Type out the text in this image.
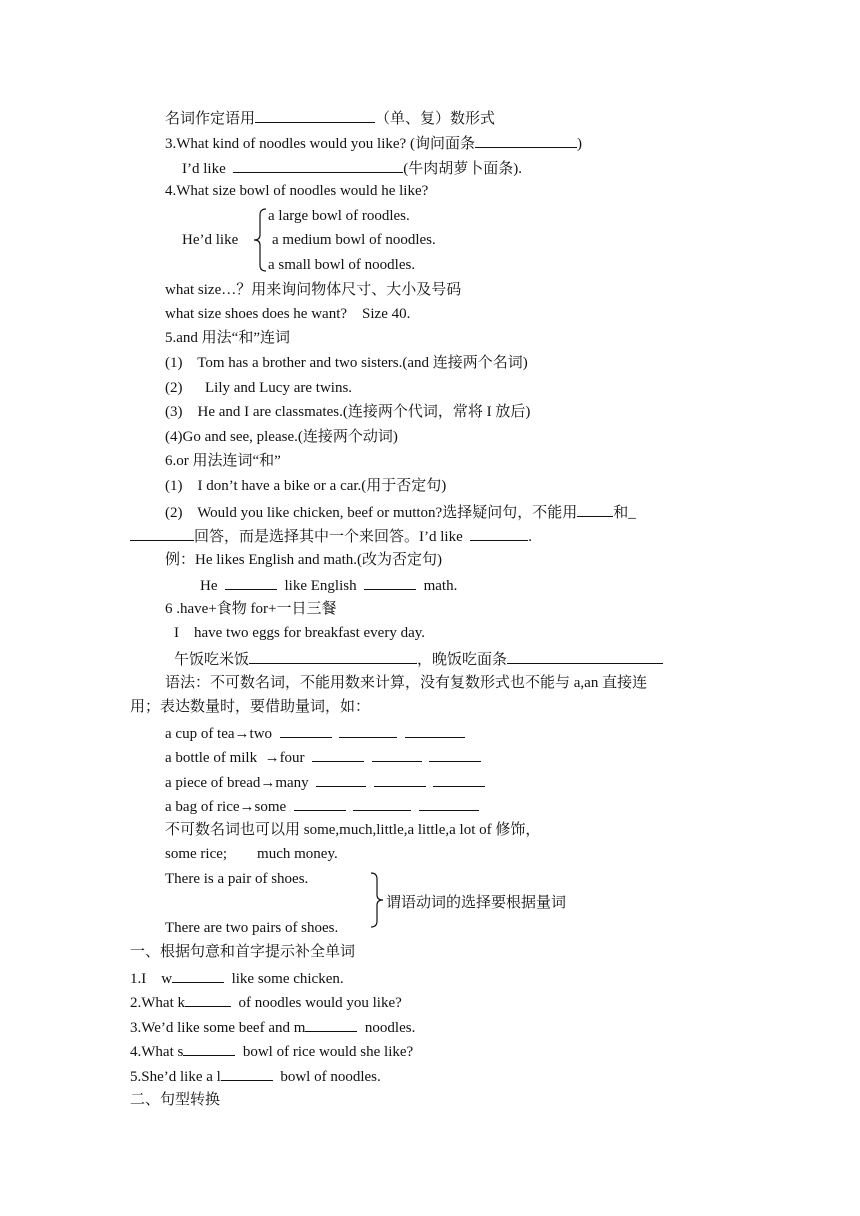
名词作定语用	（单、复）数形式
3.What kind of noodles would you like? (询问面条	)
I’d like	(牛肉胡萝卜面条).
4.What size bowl of noodles would he like?
a large bowl of roodles.
He’d like a medium bowl of noodles.
a small bowl of noodles.
what size…？用来询问物体尺寸、大小及号码
what size shoes does he want?    Size 40.
5.and 用法“和”连词
(1)    Tom has a brother and two sisters.(and 连接两个名词)
(2)      Lily and Lucy are twins.
(3)    He and I are classmates.(连接两个代词，常将 I 放后)
(4)Go and see, please.(连接两个动词)
6.or 用法连词“和”
(1)    I don’t have a bike or a car.(用于否定句)
(2)    Would you like chicken, beef or mutton?选择疑问句，不能用 和_
回答，而是选择其中一个来回答。I’d like	.
例：He likes English and math.(改为否定句)
He	like English	math.
6 .have+食物 for+一日三餐
I    have two eggs for breakfast every day.
午饭吃米饭	，晚饭吃面条
语法：不可数名词，不能用数来计算，没有复数形式也不能与 a,an 直接连
用；表达数量时，要借助量词，如：
a cup of tea→two
a bottle of milk  →four
a piece of bread→many
a bag of rice→some
不可数名词也可以用 some,much,little,a little,a lot of 修饰，
some rice;        much money.
There is a pair of shoes.
谓语动词的选择要根据量词
There are two pairs of shoes.
一、根据句意和首字提示补全单词
1.I    w	like some chicken.
2.What k	of noodles would you like?
3.We’d like some beef and m	noodles.
4.What s	bowl of rice would she like?
5.She’d like a l	bowl of noodles.
二、句型转换
